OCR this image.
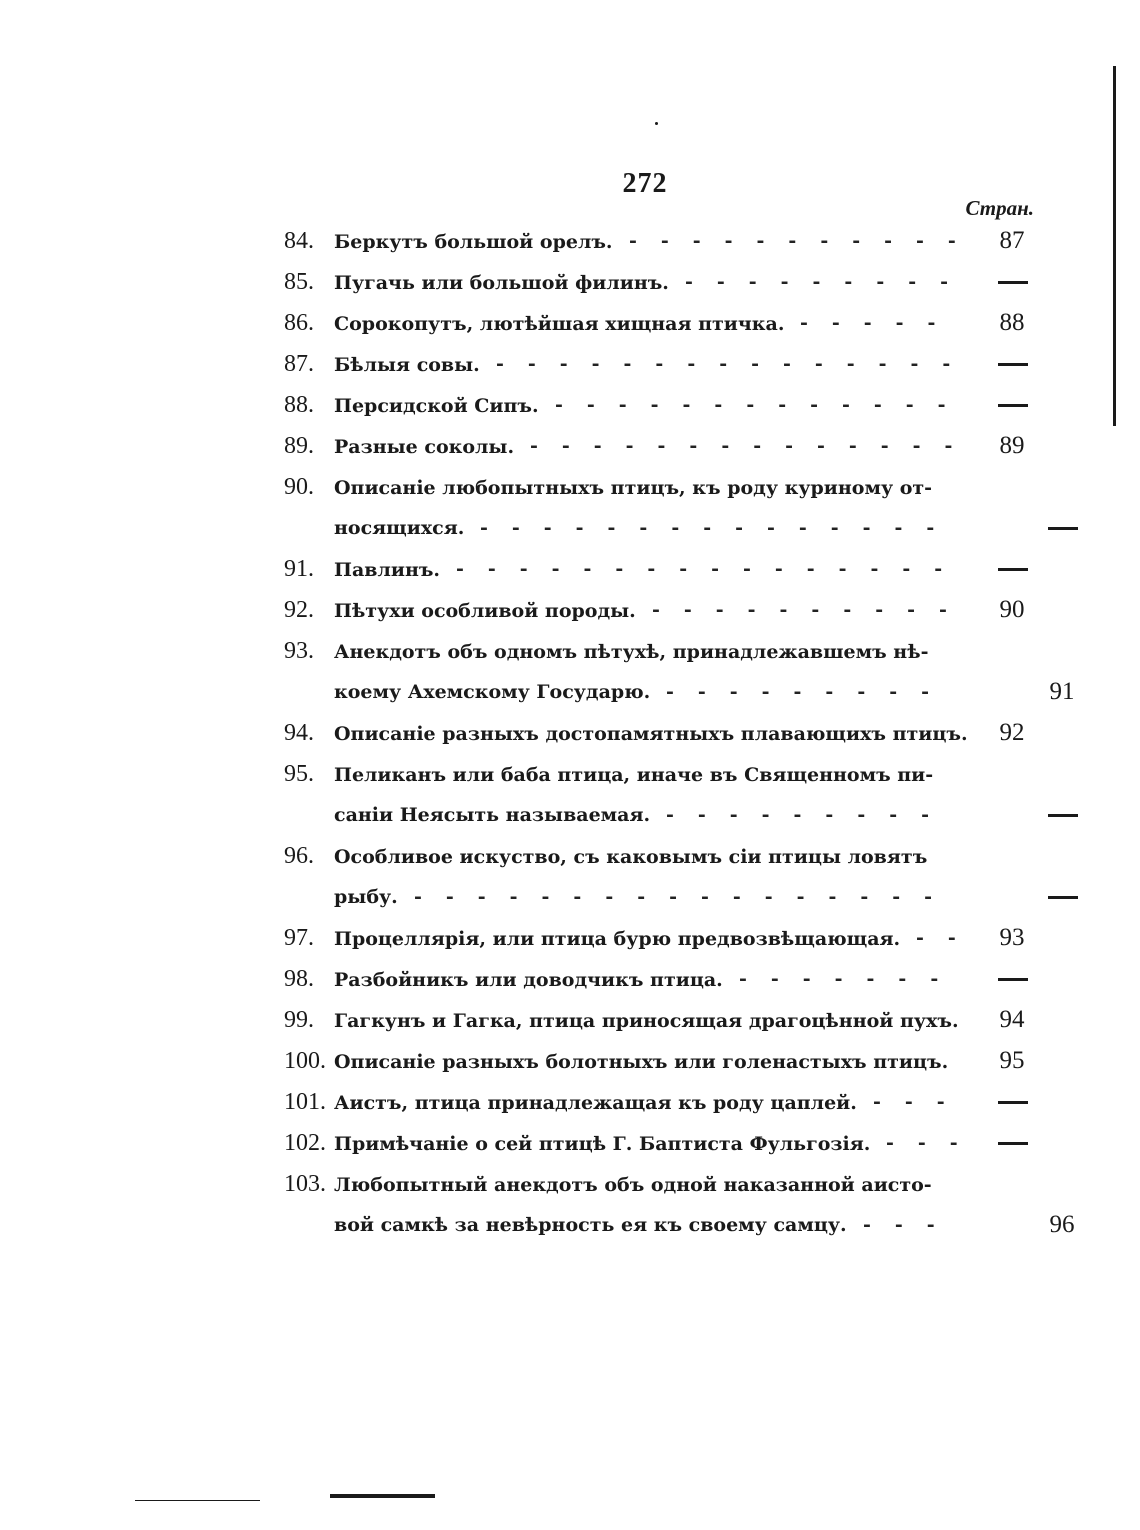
272
Стран.
84. Беркутъ большой орелъ. ----------- 87
85. Пугачь или большой филинъ. ---------
86. Сорокопутъ, лютѣйшая хищная птичка. -----	88
87. Бѣлыя совы. ---------------
88. Персидской Сипъ. -------------
89. Разные соколы. -------------- 89
90. Описаніе любопытныхъ птицъ, къ роду куриному от-
носящихся. ---------------
91. Павлинъ. ----------------
92. Пѣтухи особливой породы. ----------	90
93. Анекдотъ объ одномъ пѣтухѣ, принадлежавшемъ нѣ-
коему Ахемскому Государю. ---------	91
94. Описаніе разныхъ достопамятныхъ плавающихъ птицъ.	92
95. Пеликанъ или баба птица, иначе въ Священномъ пи-
саніи Неясыть называемая. ---------
96. Особливое искуство, съ каковымъ сіи птицы ловятъ
рыбу. -----------------
97. Процеллярія, или птица бурю предвозвѣщающая. -- 93
98. Разбойникъ или доводчикъ птица. -------
99. Гагкунъ и Гагка, птица приносящая драгоцѣнной пухъ.	94
100. Описаніе разныхъ болотныхъ или голенастыхъ птицъ.	95
101. Аистъ, птица принадлежащая къ роду цаплей. ---
102. Примѣчаніе о сей птицѣ Г. Баптиста Фульгозія. ---
103. Любопытный анекдотъ объ одной наказанной аисто-
вой самкѣ за невѣрность ея къ своему самцу. ---	96
